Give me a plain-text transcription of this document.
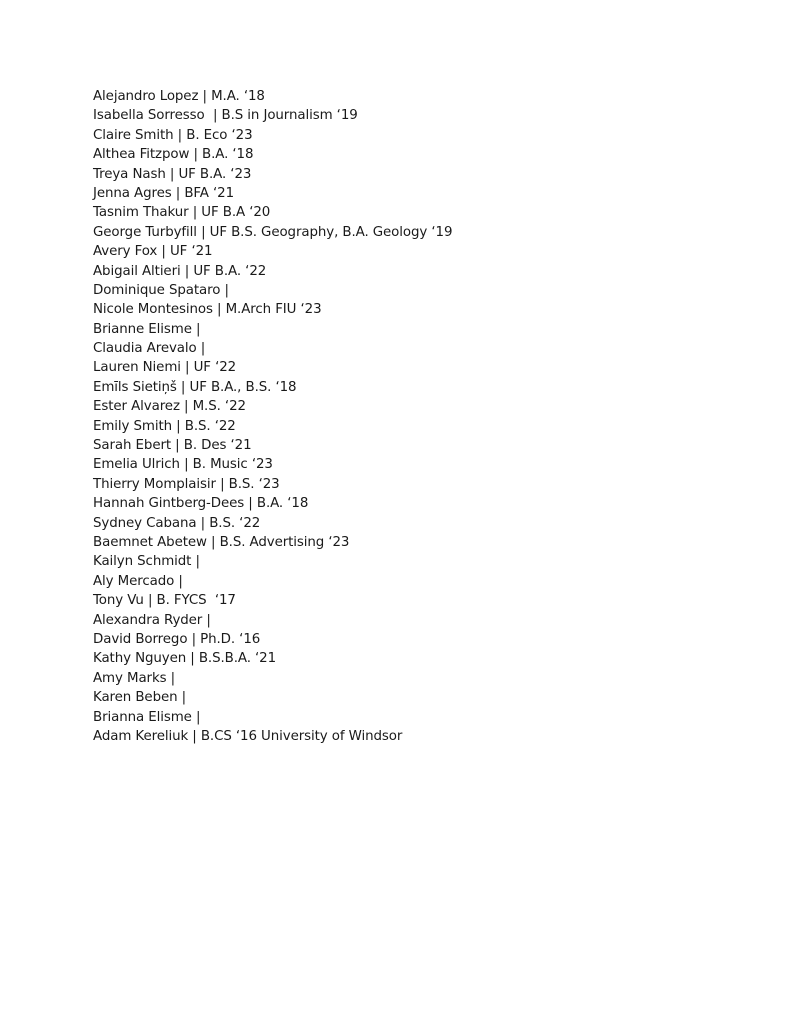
Alejandro Lopez | M.A. ‘18
Isabella Sorresso  | B.S in Journalism ‘19
Claire Smith | B. Eco ‘23
Althea Fitzpow | B.A. ‘18
Treya Nash | UF B.A. ‘23
Jenna Agres | BFA ‘21
Tasnim Thakur | UF B.A ‘20
George Turbyfill | UF B.S. Geography, B.A. Geology ‘19
Avery Fox | UF ‘21
Abigail Altieri | UF B.A. ‘22
Dominique Spataro |
Nicole Montesinos | M.Arch FIU ‘23
Brianne Elisme |
Claudia Arevalo |
Lauren Niemi | UF ‘22
Emīls Sietiņš | UF B.A., B.S. ‘18
Ester Alvarez | M.S. ‘22
Emily Smith | B.S. ‘22
Sarah Ebert | B. Des ‘21
Emelia Ulrich | B. Music ‘23
Thierry Momplaisir | B.S. ‘23
Hannah Gintberg-Dees | B.A. ‘18
Sydney Cabana | B.S. ‘22
Baemnet Abetew | B.S. Advertising ‘23
Kailyn Schmidt |
Aly Mercado |
Tony Vu | B. FYCS  ‘17
Alexandra Ryder |
David Borrego | Ph.D. ‘16
Kathy Nguyen | B.S.B.A. ‘21
Amy Marks |
Karen Beben |
Brianna Elisme |
Adam Kereliuk | B.CS ‘16 University of Windsor
